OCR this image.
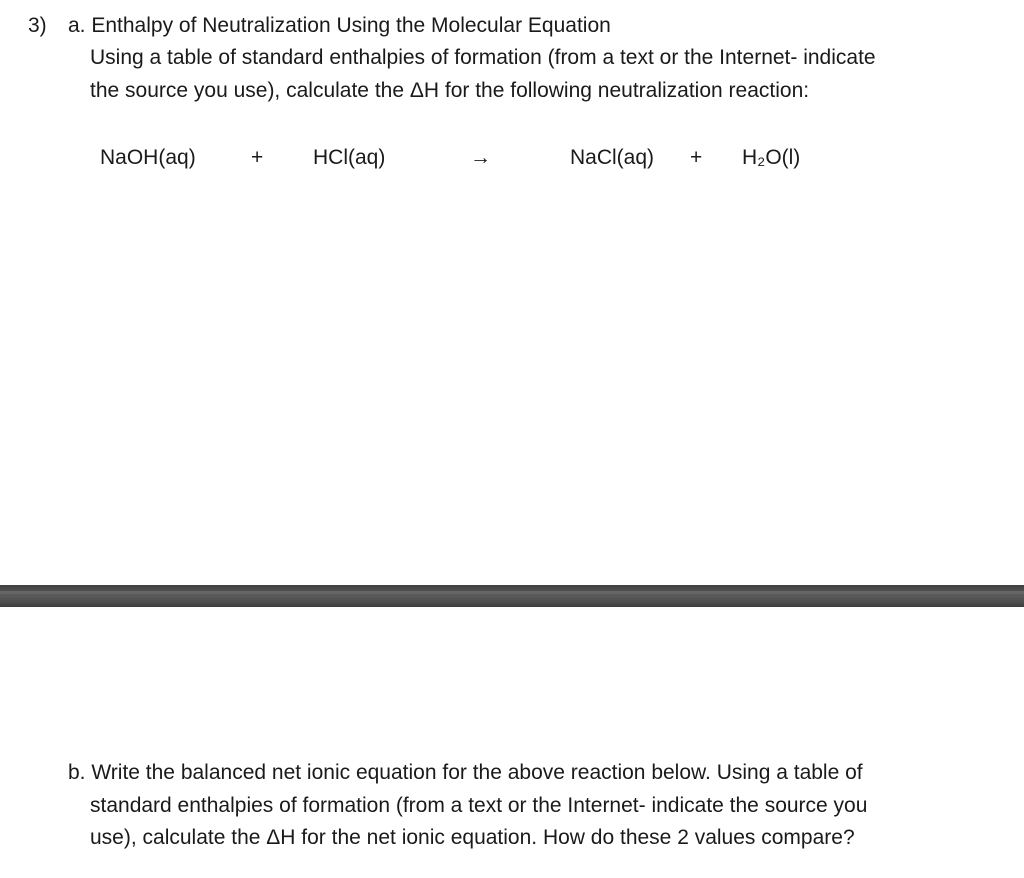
3) a. Enthalpy of Neutralization Using the Molecular Equation
Using a table of standard enthalpies of formation (from a text or the Internet- indicate
the source you use), calculate the ΔH for the following neutralization reaction:
NaOH(aq)	+ HCl(aq)	→	NaCl(aq) + H₂O(l)
b. Write the balanced net ionic equation for the above reaction below. Using a table of
standard enthalpies of formation (from a text or the Internet- indicate the source you
use), calculate the ΔH for the net ionic equation. How do these 2 values compare?
